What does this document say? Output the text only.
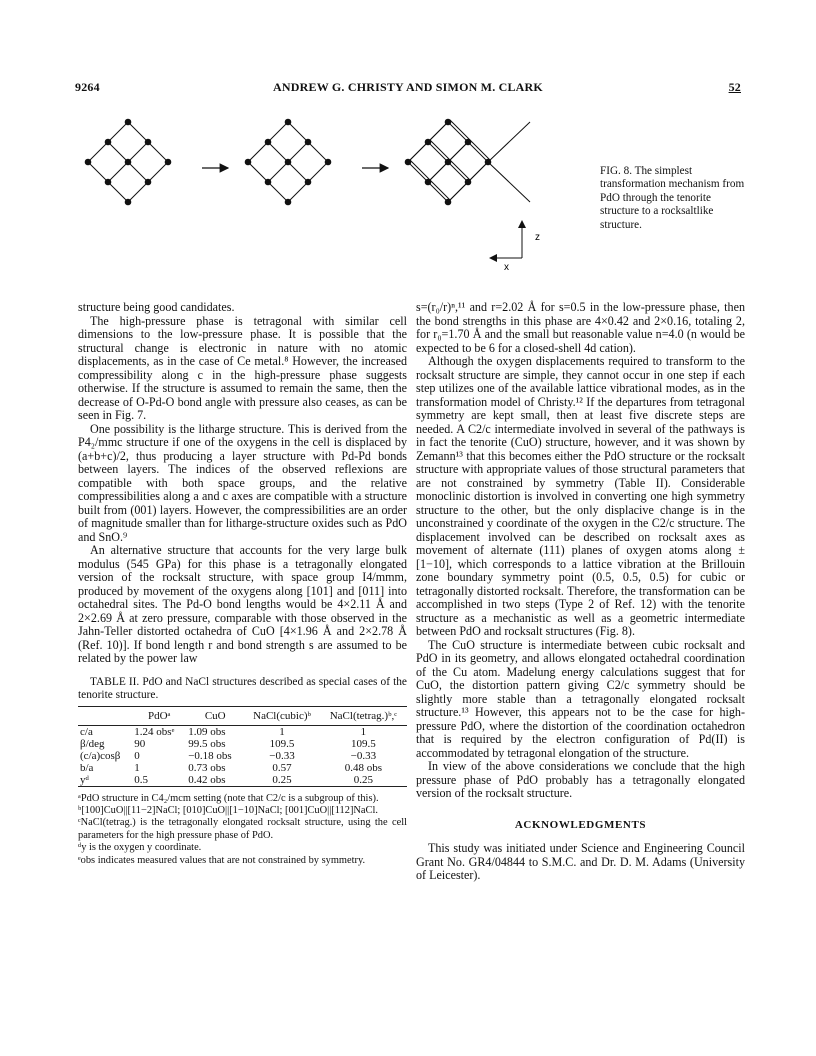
9264	ANDREW G. CHRISTY AND SIMON M. CLARK	52
z
x
FIG. 8. The simplest transformation mechanism from PdO through the tenorite structure to a rocksaltlike structure.

structure being good candidates.

The high-pressure phase is tetragonal with similar cell dimensions to the low-pressure phase. It is possible that the structural change is electronic in nature with no atomic displacements, as in the case of Ce metal.⁸ However, the increased compressibility along c in the high-pressure phase suggests otherwise. If the structure is assumed to remain the same, then the decrease of O-Pd-O bond angle with pressure also ceases, as can be seen in Fig. 7.

One possibility is the litharge structure. This is derived from the P4₂/mmc structure if one of the oxygens in the cell is displaced by (a+b+c)/2, thus producing a layer structure with Pd-Pd bonds between layers. The indices of the observed reflexions are compatible with both space groups, and the relative compressibilities along a and c axes are compatible with a structure built from (001) layers. However, the compressibilities are an order of magnitude smaller than for litharge-structure oxides such as PdO and SnO.⁹

An alternative structure that accounts for the very large bulk modulus (545 GPa) for this phase is a tetragonally elongated version of the rocksalt structure, with space group I4/mmm, produced by movement of the oxygens along [101] and [011] into octahedral sites. The Pd-O bond lengths would be 4×2.11 Å and 2×2.69 Å at zero pressure, comparable with those observed in the Jahn-Teller distorted octahedra of CuO [4×1.96 Å and 2×2.78 Å (Ref. 10)]. If bond length r and bond strength s are assumed to be related by the power law

TABLE II. PdO and NaCl structures described as special cases of the tenorite structure.
	PdOᵃ	CuO	NaCl(cubic)ᵇ	NaCl(tetrag.)ᵇ,ᶜ
c/a	1.24 obsᵉ	1.09 obs	1	1
β/deg	90	99.5 obs	109.5	109.5
(c/a)cosβ	0	−0.18 obs	−0.33	−0.33
b/a	1	0.73 obs	0.57	0.48 obs
yᵈ	0.5	0.42 obs	0.25	0.25
ᵃPdO structure in C4₂/mcm setting (note that C2/c is a subgroup of this).
ᵇ[100]CuO||[11−2]NaCl; [010]CuO||[1−10]NaCl; [001]CuO||[112]NaCl.
ᶜNaCl(tetrag.) is the tetragonally elongated rocksalt structure, using the cell parameters for the high pressure phase of PdO.
ᵈy is the oxygen y coordinate.
ᵉobs indicates measured values that are not constrained by symmetry.

s=(r₀/r)ⁿ,¹¹ and r=2.02 Å for s=0.5 in the low-pressure phase, then the bond strengths in this phase are 4×0.42 and 2×0.16, totaling 2, for r₀=1.70 Å and the small but reasonable value n=4.0 (n would be expected to be 6 for a closed-shell 4d cation).

Although the oxygen displacements required to transform to the rocksalt structure are simple, they cannot occur in one step if each step utilizes one of the available lattice vibrational modes, as in the transformation model of Christy.¹² If the departures from tetragonal symmetry are kept small, then at least five discrete steps are needed. A C2/c intermediate involved in several of the pathways is in fact the tenorite (CuO) structure, however, and it was shown by Zemann¹³ that this becomes either the PdO structure or the rocksalt structure with appropriate values of those structural parameters that are not constrained by symmetry (Table II). Considerable monoclinic distortion is involved in converting one high symmetry structure to the other, but the only displacive change is in the unconstrained y coordinate of the oxygen in the C2/c structure. The displacement involved can be described on rocksalt axes as movement of alternate (111) planes of oxygen atoms along ±[1−10], which corresponds to a lattice vibration at the Brillouin zone boundary symmetry point (0.5, 0.5, 0.5) for cubic or tetragonally distorted rocksalt. Therefore, the transformation can be accomplished in two steps (Type 2 of Ref. 12) with the tenorite structure as a mechanistic as well as a geometric intermediate between PdO and rocksalt structures (Fig. 8).

The CuO structure is intermediate between cubic rocksalt and PdO in its geometry, and allows elongated octahedral coordination of the Cu atom. Madelung energy calculations suggest that for CuO, the distortion pattern giving C2/c symmetry should be slightly more stable than a tetragonally elongated rocksalt structure.¹³ However, this appears not to be the case for high-pressure PdO, where the distortion of the coordination octahedron that is required by the electron configuration of Pd(II) is accommodated by tetragonal elongation of the structure.

In view of the above considerations we conclude that the high pressure phase of PdO probably has a tetragonally elongated version of the rocksalt structure.

ACKNOWLEDGMENTS

This study was initiated under Science and Engineering Council Grant No. GR4/04844 to S.M.C. and Dr. D. M. Adams (University of Leicester).
